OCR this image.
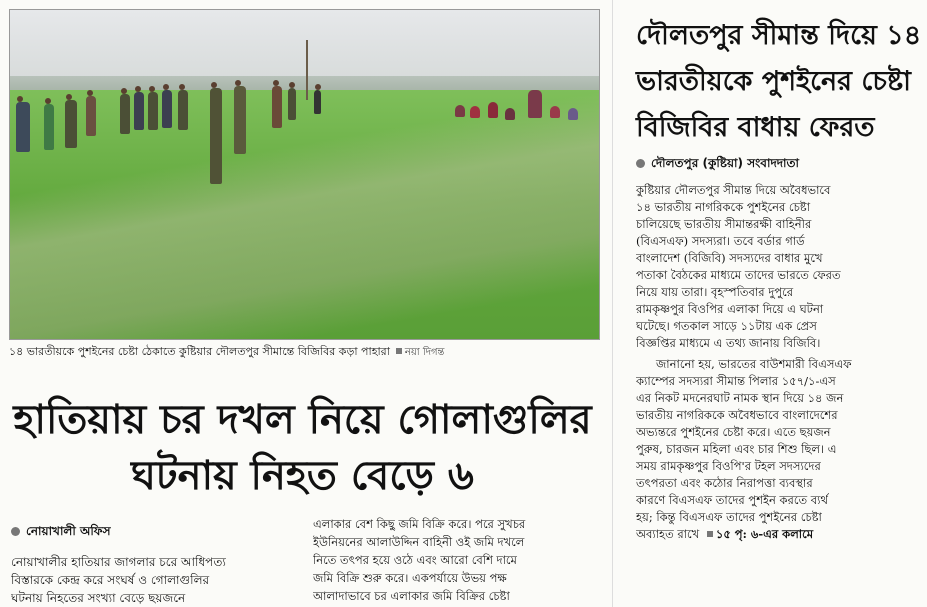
১৪ ভারতীয়কে পুশইনের চেষ্টা ঠেকাতে কুষ্টিয়ার দৌলতপুর সীমান্তে বিজিবির কড়া পাহারা নয়া দিগন্ত
হাতিয়ায় চর দখল নিয়ে গোলাগুলির
ঘটনায় নিহত বেড়ে ৬
নোয়াখালী অফিস
নোয়াখালীর হাতিয়ার জাগলার চরে আধিপত্য
বিস্তারকে কেন্দ্র করে সংঘর্ষ ও গোলাগুলির
ঘটনায় নিহতের সংখ্যা বেড়ে ছয়জনে
এলাকার বেশ কিছু জমি বিক্রি করে। পরে সুখচর
ইউনিয়নের আলাউদ্দিন বাহিনী ওই জমি দখলে
নিতে তৎপর হয়ে ওঠে এবং আরো বেশি দামে
জমি বিক্রি শুরু করে। একপর্যায়ে উভয় পক্ষ
আলাদাভাবে চর এলাকার জমি বিক্রির চেষ্টা
দৌলতপুর সীমান্ত দিয়ে ১৪
ভারতীয়কে পুশইনের চেষ্টা
বিজিবির বাধায় ফেরত
দৌলতপুর (কুষ্টিয়া) সংবাদদাতা
কুষ্টিয়ার দৌলতপুর সীমান্ত দিয়ে অবৈধভাবে
১৪ ভারতীয় নাগরিককে পুশইনের চেষ্টা
চালিয়েছে ভারতীয় সীমান্তরক্ষী বাহিনীর
(বিএসএফ) সদস্যরা। তবে বর্ডার গার্ড
বাংলাদেশ (বিজিবি) সদস্যদের বাধার মুখে
পতাকা বৈঠকের মাধ্যমে তাদের ভারতে ফেরত
নিয়ে যায় তারা। বৃহস্পতিবার দুপুরে
রামকৃষ্ণপুর বিওপির এলাকা দিয়ে এ ঘটনা
ঘটেছে। গতকাল সাড়ে ১১টায় এক প্রেস
বিজ্ঞপ্তির মাধ্যমে এ তথ্য জানায় বিজিবি।
জানানো হয়, ভারতের বাউশমারী বিএসএফ
ক্যাম্পের সদস্যরা সীমান্ত পিলার ১৫৭/১-এস
এর নিকট মদনেরঘাট নামক স্থান দিয়ে ১৪ জন
ভারতীয় নাগরিককে অবৈধভাবে বাংলাদেশের
অভ্যন্তরে পুশইনের চেষ্টা করে। এতে ছয়জন
পুরুষ, চারজন মহিলা এবং চার শিশু ছিল। এ
সময় রামকৃষ্ণপুর বিওপি'র টহল সদস্যদের
তৎপরতা এবং কঠোর নিরাপত্তা ব্যবস্থার
কারণে বিএসএফ তাদের পুশইন করতে ব্যর্থ
হয়; কিন্তু বিএসএফ তাদের পুশইনের চেষ্টা
অব্যাহত রাখে ১৫ পৃ: ৬-এর কলামে
